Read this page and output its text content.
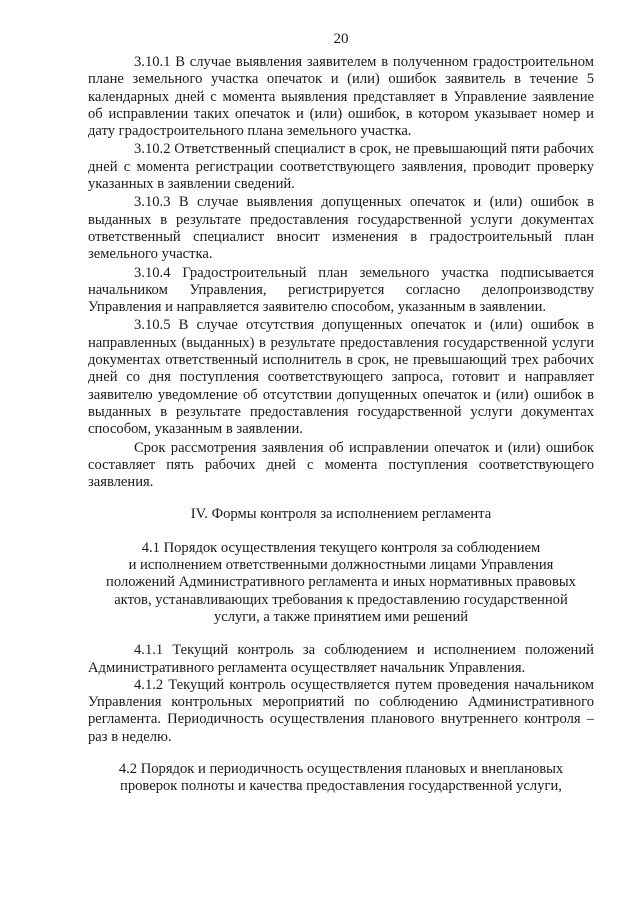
20

3.10.1 В случае выявления заявителем в полученном градостроительном плане земельного участка опечаток и (или) ошибок заявитель в течение 5 календарных дней с момента выявления представляет в Управление заявление об исправлении таких опечаток и (или) ошибок, в котором указывает номер и дату градостроительного плана земельного участка.

3.10.2 Ответственный специалист в срок, не превышающий пяти рабочих дней с момента регистрации соответствующего заявления, проводит проверку указанных в заявлении сведений.

3.10.3 В случае выявления допущенных опечаток и (или) ошибок в выданных в результате предоставления государственной услуги документах ответственный специалист вносит изменения в градостроительный план земельного участка.

3.10.4 Градостроительный план земельного участка подписывается начальником Управления, регистрируется согласно делопроизводству Управления и направляется заявителю способом, указанным в заявлении.

3.10.5 В случае отсутствия допущенных опечаток и (или) ошибок в направленных (выданных) в результате предоставления государственной услуги документах ответственный исполнитель в срок, не превышающий трех рабочих дней со дня поступления соответствующего запроса, готовит и направляет заявителю уведомление об отсутствии допущенных опечаток и (или) ошибок в выданных в результате предоставления государственной услуги документах способом, указанным в заявлении.

Срок рассмотрения заявления об исправлении опечаток и (или) ошибок составляет пять рабочих дней с момента поступления соответствующего заявления.

IV. Формы контроля за исполнением регламента

4.1 Порядок осуществления текущего контроля за соблюдением
и исполнением ответственными должностными лицами Управления
положений Административного регламента и иных нормативных правовых
актов, устанавливающих требования к предоставлению государственной
услуги, а также принятием ими решений

4.1.1 Текущий контроль за соблюдением и исполнением положений Административного регламента осуществляет начальник Управления.

4.1.2 Текущий контроль осуществляется путем проведения начальником Управления контрольных мероприятий по соблюдению Административного регламента. Периодичность осуществления планового внутреннего контроля – раз в неделю.

4.2 Порядок и периодичность осуществления плановых и внеплановых
проверок полноты и качества предоставления государственной услуги,
